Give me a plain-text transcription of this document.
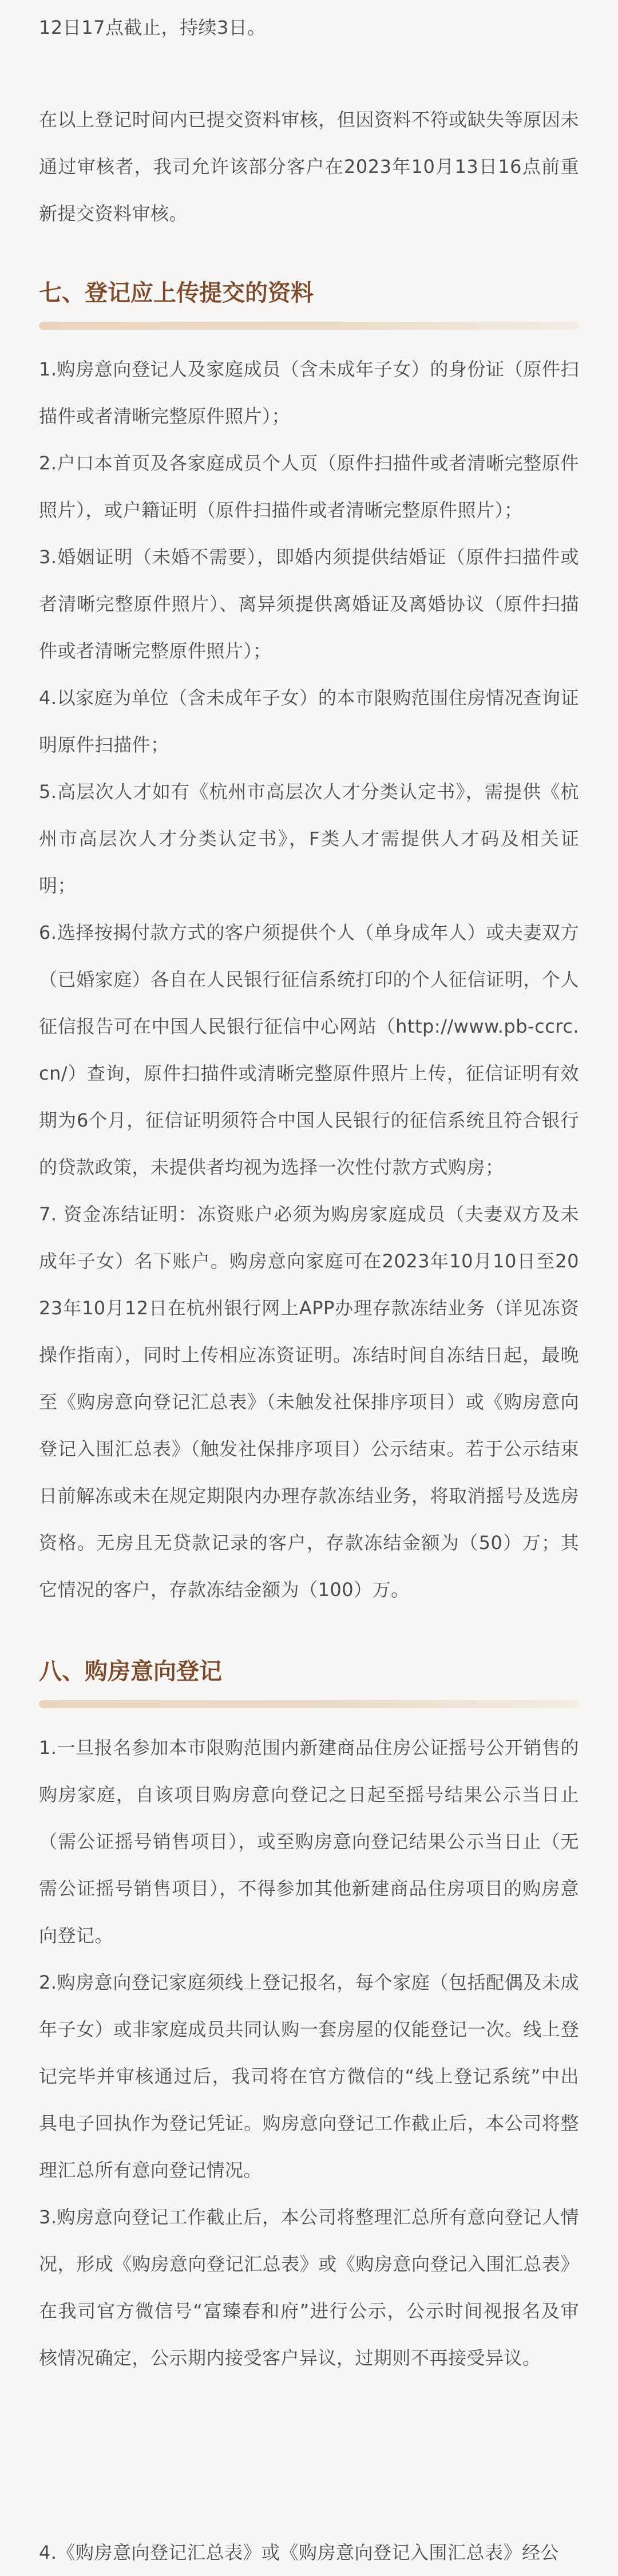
12日17点截止，持续3日。

在以上登记时间内已提交资料审核，但因资料不符或缺失等原因未通过审核者，我司允许该部分客户在2023年10月13日16点前重新提交资料审核。

七、登记应上传提交的资料

1.购房意向登记人及家庭成员（含未成年子女）的身份证（原件扫描件或者清晰完整原件照片）；

2.户口本首页及各家庭成员个人页（原件扫描件或者清晰完整原件照片），或户籍证明（原件扫描件或者清晰完整原件照片）；

3.婚姻证明（未婚不需要），即婚内须提供结婚证（原件扫描件或者清晰完整原件照片）、离异须提供离婚证及离婚协议（原件扫描件或者清晰完整原件照片）；

4.以家庭为单位（含未成年子女）的本市限购范围住房情况查询证明原件扫描件；

5.高层次人才如有《杭州市高层次人才分类认定书》，需提供《杭州市高层次人才分类认定书》，F类人才需提供人才码及相关证明；

6.选择按揭付款方式的客户须提供个人（单身成年人）或夫妻双方（已婚家庭）各自在人民银行征信系统打印的个人征信证明，个人征信报告可在中国人民银行征信中心网站（http://www.pb-ccrc.cn/）查询，原件扫描件或清晰完整原件照片上传，征信证明有效期为6个月，征信证明须符合中国人民银行的征信系统且符合银行的贷款政策，未提供者均视为选择一次性付款方式购房；

7. 资金冻结证明：冻资账户必须为购房家庭成员（夫妻双方及未成年子女）名下账户。购房意向家庭可在2023年10月10日至2023年10月12日在杭州银行网上APP办理存款冻结业务（详见冻资操作指南），同时上传相应冻资证明。冻结时间自冻结日起，最晚至《购房意向登记汇总表》（未触发社保排序项目）或《购房意向登记入围汇总表》（触发社保排序项目）公示结束。若于公示结束日前解冻或未在规定期限内办理存款冻结业务，将取消摇号及选房资格。无房且无贷款记录的客户，存款冻结金额为（50）万；其它情况的客户，存款冻结金额为（100）万。

八、购房意向登记

1.一旦报名参加本市限购范围内新建商品住房公证摇号公开销售的购房家庭，自该项目购房意向登记之日起至摇号结果公示当日止（需公证摇号销售项目），或至购房意向登记结果公示当日止（无需公证摇号销售项目），不得参加其他新建商品住房项目的购房意向登记。

2.购房意向登记家庭须线上登记报名，每个家庭（包括配偶及未成年子女）或非家庭成员共同认购一套房屋的仅能登记一次。线上登记完毕并审核通过后，我司将在官方微信的“线上登记系统”中出具电子回执作为登记凭证。购房意向登记工作截止后，本公司将整理汇总所有意向登记情况。

3.购房意向登记工作截止后，本公司将整理汇总所有意向登记人情况，形成《购房意向登记汇总表》或《购房意向登记入围汇总表》在我司官方微信号“富臻春和府”进行公示，公示时间视报名及审核情况确定，公示期内接受客户异议，过期则不再接受异议。

4.《购房意向登记汇总表》或《购房意向登记入围汇总表》经公
